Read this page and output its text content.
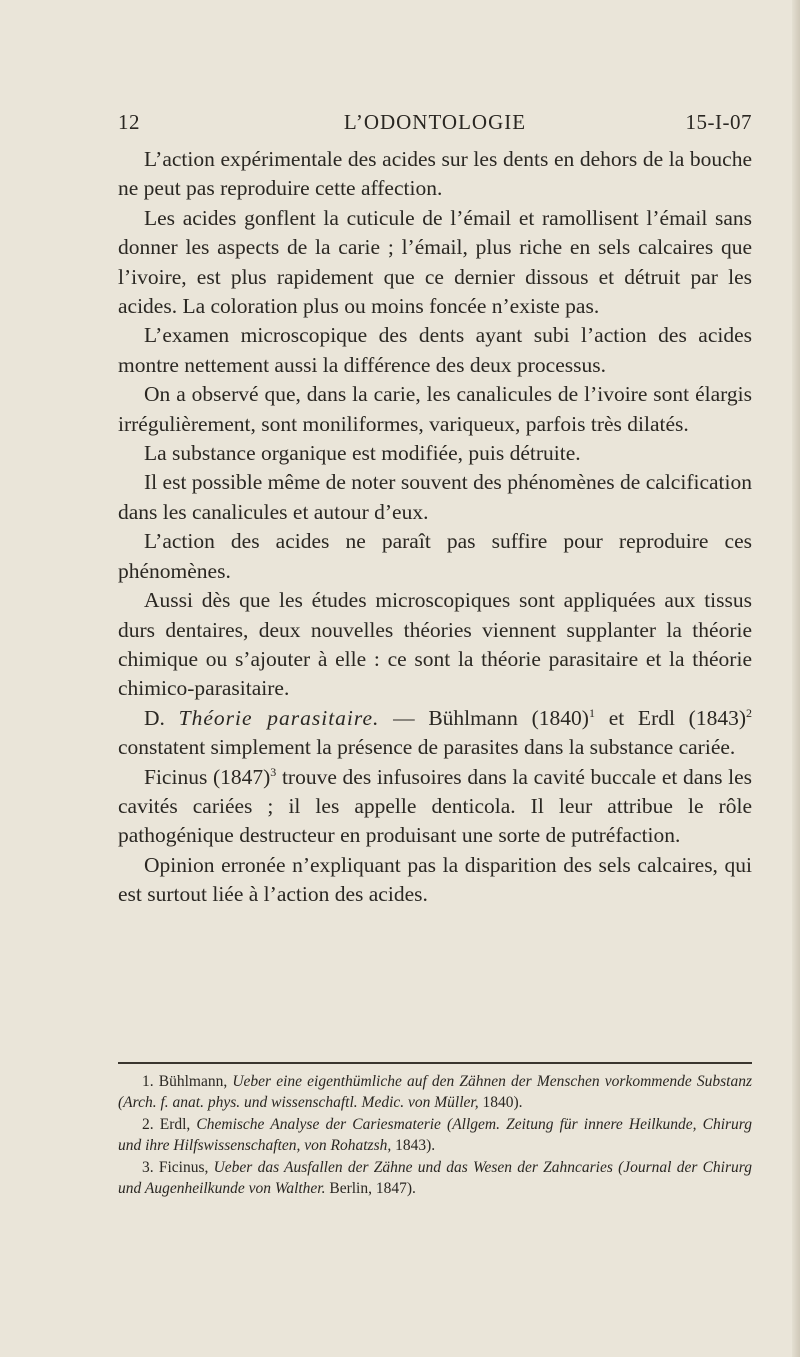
12	L’ODONTOLOGIE	15-I-07

L’action expérimentale des acides sur les dents en dehors de la bouche ne peut pas reproduire cette affection.

Les acides gonflent la cuticule de l’émail et ramollisent l’émail sans donner les aspects de la carie ; l’émail, plus riche en sels calcaires que l’ivoire, est plus rapidement que ce dernier dissous et détruit par les acides. La coloration plus ou moins foncée n’existe pas.

L’examen microscopique des dents ayant subi l’action des acides montre nettement aussi la différence des deux processus.

On a observé que, dans la carie, les canalicules de l’ivoire sont élargis irrégulièrement, sont moniliformes, variqueux, parfois très dilatés.

La substance organique est modifiée, puis détruite.

Il est possible même de noter souvent des phénomènes de calcification dans les canalicules et autour d’eux.

L’action des acides ne paraît pas suffire pour reproduire ces phénomènes.

Aussi dès que les études microscopiques sont appliquées aux tissus durs dentaires, deux nouvelles théories viennent supplanter la théorie chimique ou s’ajouter à elle : ce sont la théorie parasitaire et la théorie chimico-parasitaire.

D. Théorie parasitaire. — Bühlmann $(1840)^1$ et Erdl $(1843)^2$ constatent simplement la présence de parasites dans la substance cariée.

Ficinus $(1847)^3$ trouve des infusoires dans la cavité buccale et dans les cavités cariées ; il les appelle denticola. Il leur attribue le rôle pathogénique destructeur en produisant une sorte de putréfaction.

Opinion erronée n’expliquant pas la disparition des sels calcaires, qui est surtout liée à l’action des acides.

1. Bühlmann, Ueber eine eigenthümliche auf den Zähnen der Menschen vorkommende Substanz (Arch. f. anat. phys. und wissenschaftl. Medic. von Müller, 1840).

2. Erdl, Chemische Analyse der Cariesmaterie (Allgem. Zeitung für innere Heilkunde, Chirurg und ihre Hilfswissenschaften, von Rohatzsh, 1843).

3. Ficinus, Ueber das Ausfallen der Zähne und das Wesen der Zahncaries (Journal der Chirurg und Augenheilkunde von Walther. Berlin, 1847).
